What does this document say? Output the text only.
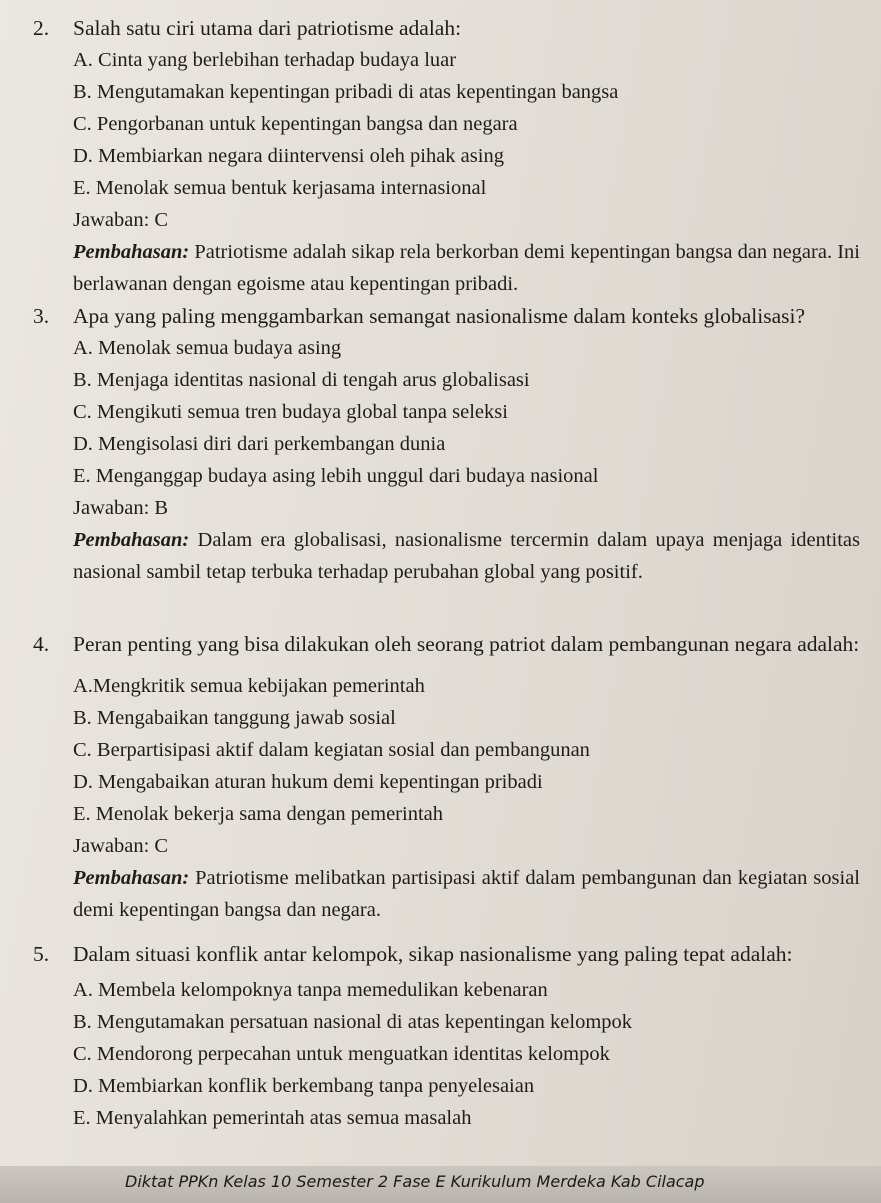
2. Salah satu ciri utama dari patriotisme adalah:

A. Cinta yang berlebihan terhadap budaya luar

B. Mengutamakan kepentingan pribadi di atas kepentingan bangsa

C. Pengorbanan untuk kepentingan bangsa dan negara

D. Membiarkan negara diintervensi oleh pihak asing

E. Menolak semua bentuk kerjasama internasional

Jawaban: C

Pembahasan: Patriotisme adalah sikap rela berkorban demi kepentingan bangsa dan negara. Ini berlawanan dengan egoisme atau kepentingan pribadi.

3. Apa yang paling menggambarkan semangat nasionalisme dalam konteks globalisasi?

A. Menolak semua budaya asing

B. Menjaga identitas nasional di tengah arus globalisasi

C. Mengikuti semua tren budaya global tanpa seleksi

D. Mengisolasi diri dari perkembangan dunia

E. Menganggap budaya asing lebih unggul dari budaya nasional

Jawaban: B

Pembahasan: Dalam era globalisasi, nasionalisme tercermin dalam upaya menjaga identitas nasional sambil tetap terbuka terhadap perubahan global yang positif.

4. Peran penting yang bisa dilakukan oleh seorang patriot dalam pembangunan negara adalah:

A.Mengkritik semua kebijakan pemerintah

B. Mengabaikan tanggung jawab sosial

C. Berpartisipasi aktif dalam kegiatan sosial dan pembangunan

D. Mengabaikan aturan hukum demi kepentingan pribadi

E. Menolak bekerja sama dengan pemerintah

Jawaban: C

Pembahasan: Patriotisme melibatkan partisipasi aktif dalam pembangunan dan kegiatan sosial demi kepentingan bangsa dan negara.

5. Dalam situasi konflik antar kelompok, sikap nasionalisme yang paling tepat adalah:

A. Membela kelompoknya tanpa memedulikan kebenaran

B. Mengutamakan persatuan nasional di atas kepentingan kelompok

C. Mendorong perpecahan untuk menguatkan identitas kelompok

D. Membiarkan konflik berkembang tanpa penyelesaian

E. Menyalahkan pemerintah atas semua masalah

Diktat PPKn Kelas 10 Semester 2 Fase E Kurikulum Merdeka Kab Cilacap
